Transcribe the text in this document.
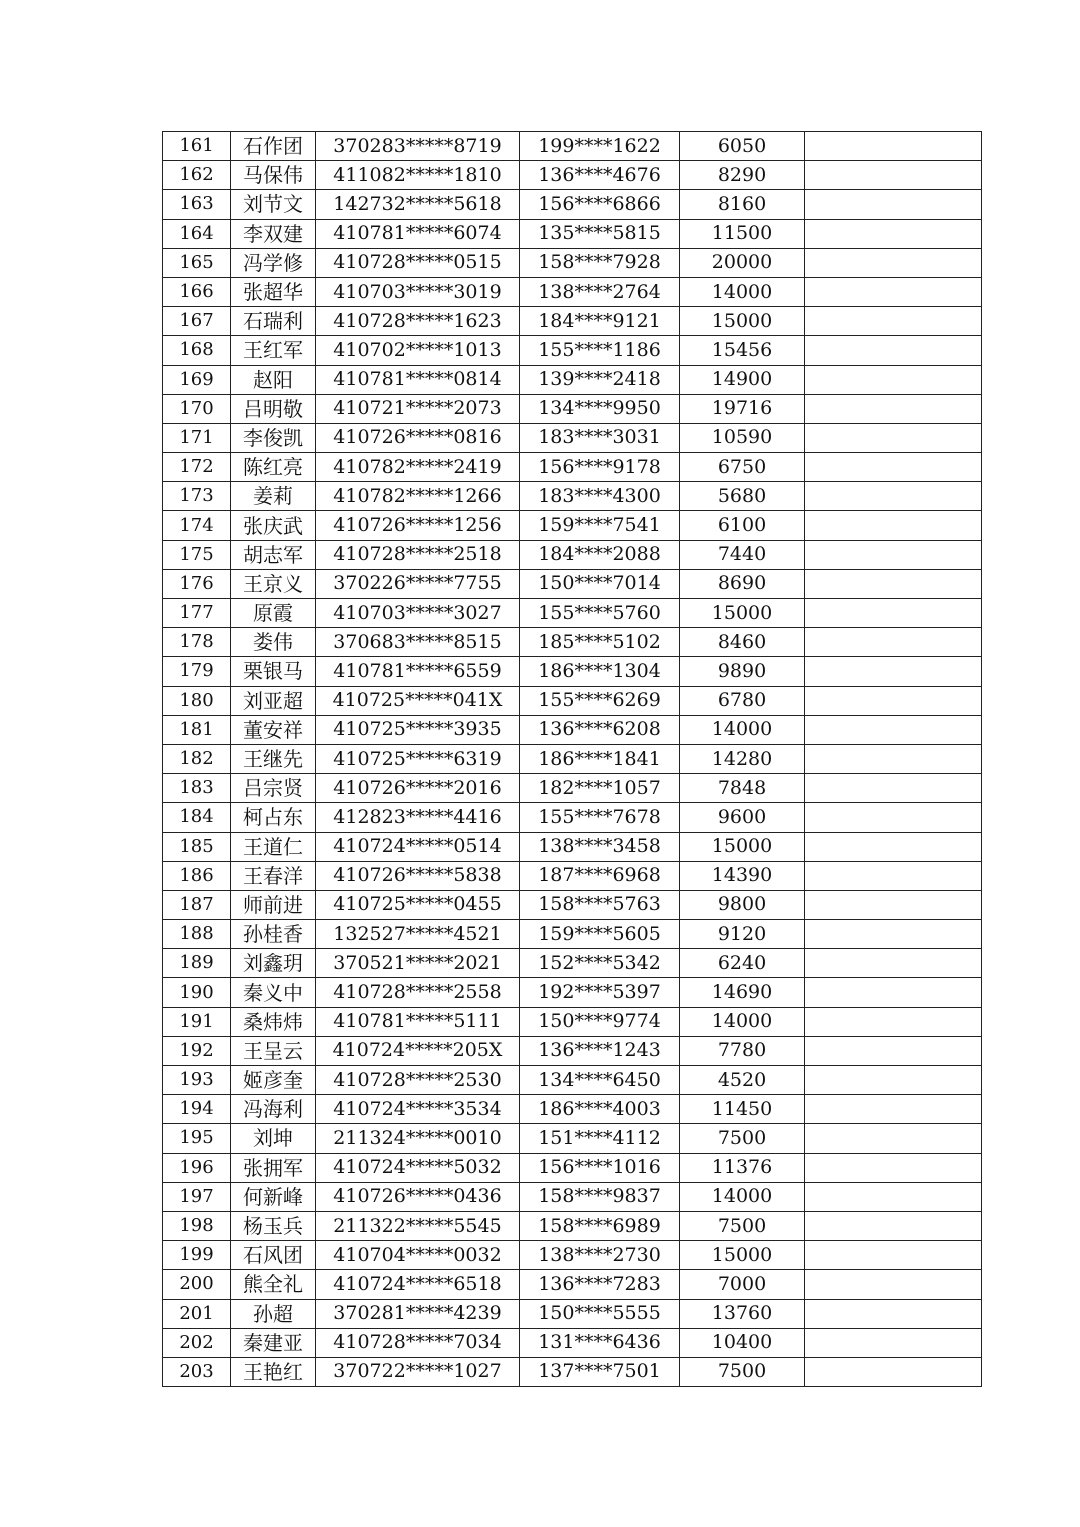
161	石作团	370283*****8719	199****1622	6050	
162	马保伟	411082*****1810	136****4676	8290	
163	刘节文	142732*****5618	156****6866	8160	
164	李双建	410781*****6074	135****5815	11500	
165	冯学修	410728*****0515	158****7928	20000	
166	张超华	410703*****3019	138****2764	14000	
167	石瑞利	410728*****1623	184****9121	15000	
168	王红军	410702*****1013	155****1186	15456	
169	赵阳	410781*****0814	139****2418	14900	
170	吕明敬	410721*****2073	134****9950	19716	
171	李俊凯	410726*****0816	183****3031	10590	
172	陈红亮	410782*****2419	156****9178	6750	
173	姜莉	410782*****1266	183****4300	5680	
174	张庆武	410726*****1256	159****7541	6100	
175	胡志军	410728*****2518	184****2088	7440	
176	王京义	370226*****7755	150****7014	8690	
177	原霞	410703*****3027	155****5760	15000	
178	娄伟	370683*****8515	185****5102	8460	
179	栗银马	410781*****6559	186****1304	9890	
180	刘亚超	410725*****041X	155****6269	6780	
181	董安祥	410725*****3935	136****6208	14000	
182	王继先	410725*****6319	186****1841	14280	
183	吕宗贤	410726*****2016	182****1057	7848	
184	柯占东	412823*****4416	155****7678	9600	
185	王道仁	410724*****0514	138****3458	15000	
186	王春洋	410726*****5838	187****6968	14390	
187	师前进	410725*****0455	158****5763	9800	
188	孙桂香	132527*****4521	159****5605	9120	
189	刘鑫玥	370521*****2021	152****5342	6240	
190	秦义中	410728*****2558	192****5397	14690	
191	桑炜炜	410781*****5111	150****9774	14000	
192	王呈云	410724*****205X	136****1243	7780	
193	姬彦奎	410728*****2530	134****6450	4520	
194	冯海利	410724*****3534	186****4003	11450	
195	刘坤	211324*****0010	151****4112	7500	
196	张拥军	410724*****5032	156****1016	11376	
197	何新峰	410726*****0436	158****9837	14000	
198	杨玉兵	211322*****5545	158****6989	7500	
199	石风团	410704*****0032	138****2730	15000	
200	熊全礼	410724*****6518	136****7283	7000	
201	孙超	370281*****4239	150****5555	13760	
202	秦建亚	410728*****7034	131****6436	10400	
203	王艳红	370722*****1027	137****7501	7500	
